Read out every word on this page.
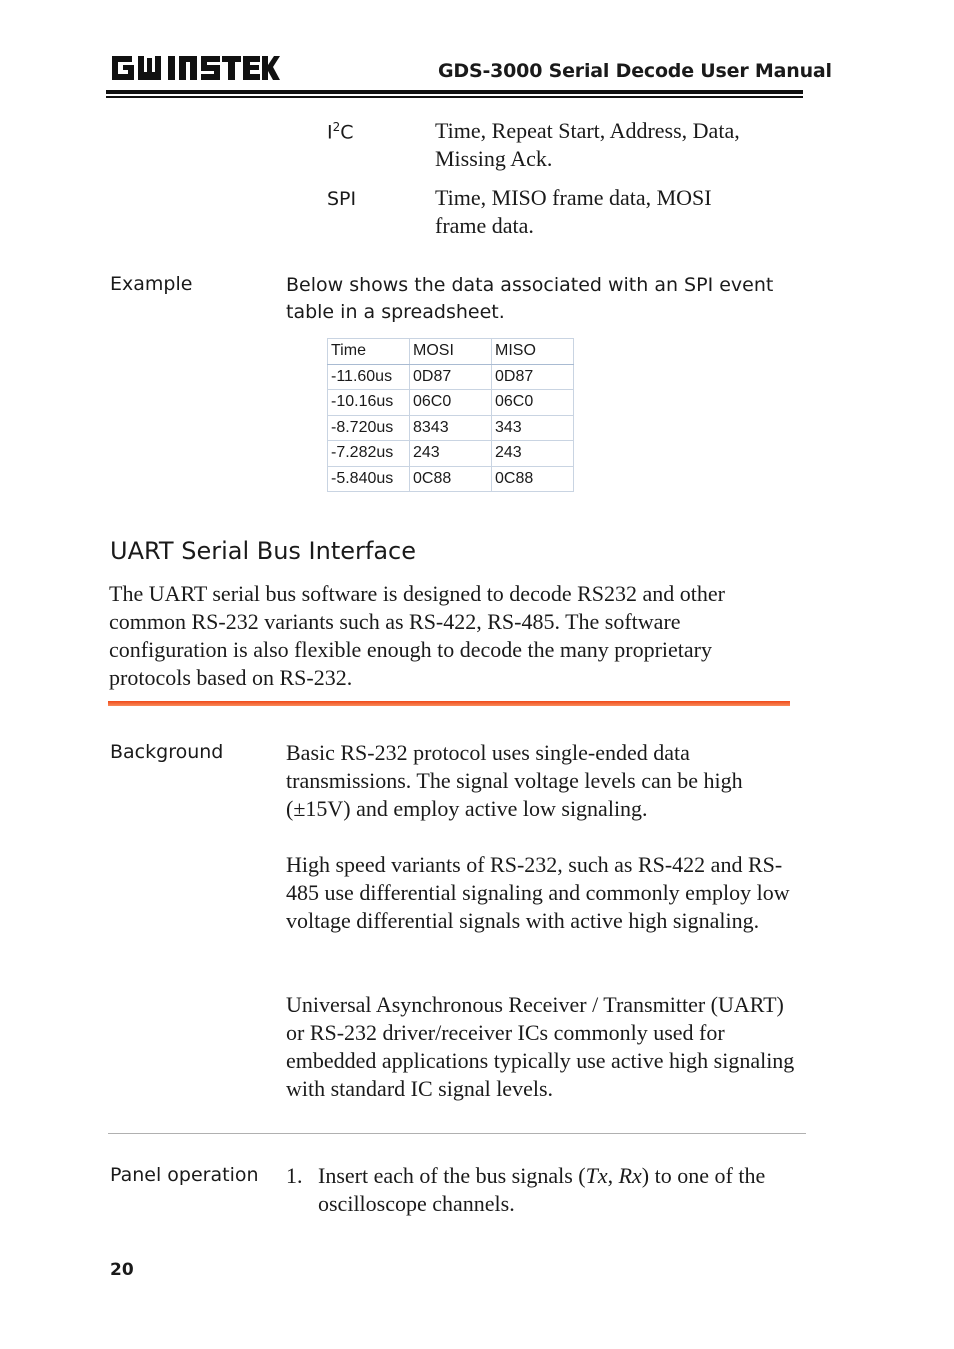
GDS-3000 Serial Decode User Manual
$I^2C$	Time, Repeat Start, Address, Data, Missing Ack.
SPI	Time, MISO frame data, MOSI frame data.
Example	Below shows the data associated with an SPI event table in a spreadsheet.
Time	MOSI	MISO
-11.60us	0D87	0D87
-10.16us	06C0	06C0
-8.720us	8343	343
-7.282us	243	243
-5.840us	0C88	0C88
UART Serial Bus Interface
The UART serial bus software is designed to decode RS232 and other common RS-232 variants such as RS-422, RS-485. The software configuration is also flexible enough to decode the many proprietary protocols based on RS-232.
Background	Basic RS-232 protocol uses single-ended data transmissions. The signal voltage levels can be high (±15V) and employ active low signaling.
High speed variants of RS-232, such as RS-422 and RS-485 use differential signaling and commonly employ low voltage differential signals with active high signaling.
Universal Asynchronous Receiver / Transmitter (UART) or RS-232 driver/receiver ICs commonly used for embedded applications typically use active high signaling with standard IC signal levels.
Panel operation 1. Insert each of the bus signals (Tx, Rx) to one of the oscilloscope channels.
20
